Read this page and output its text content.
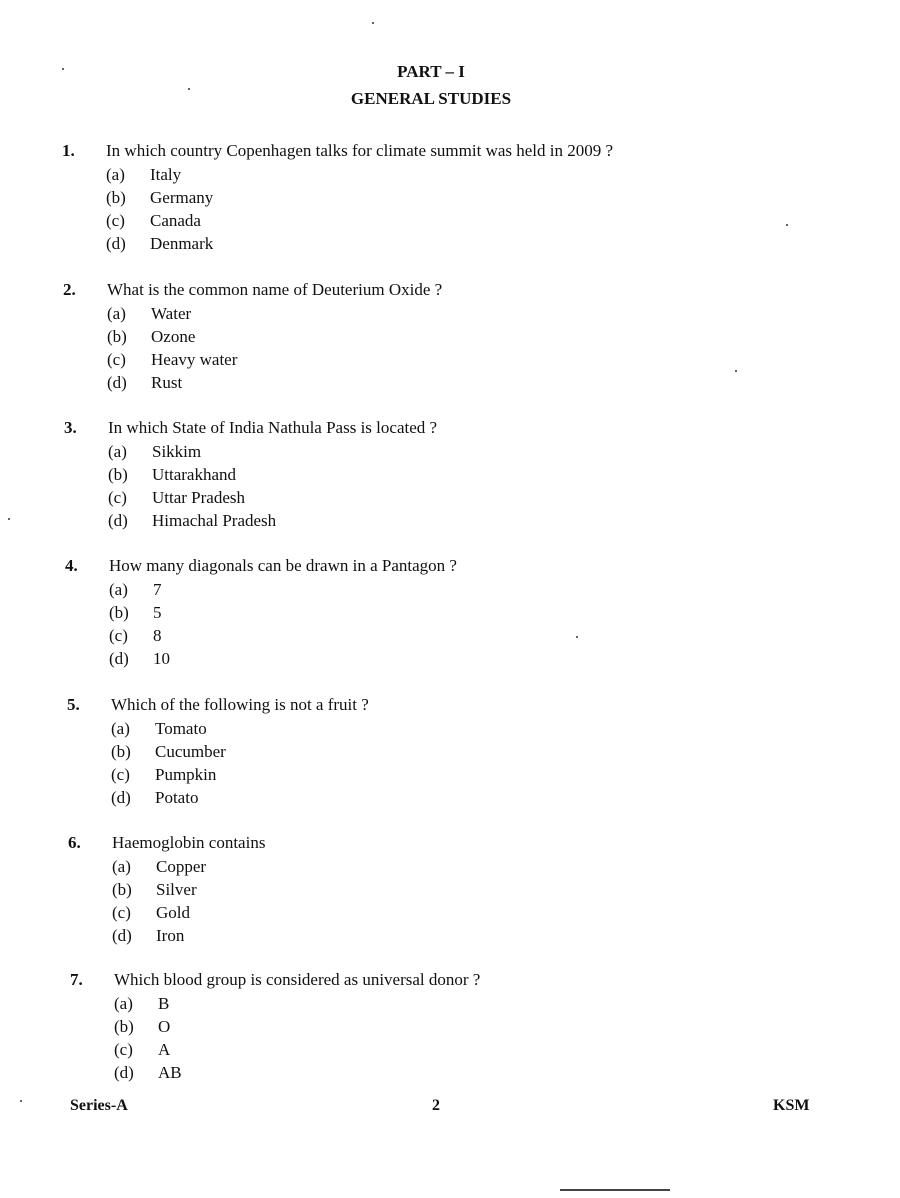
PART – I
GENERAL STUDIES
1. In which country Copenhagen talks for climate summit was held in 2009 ?
(a) Italy
(b) Germany
(c) Canada
(d) Denmark
2. What is the common name of Deuterium Oxide ?
(a) Water
(b) Ozone
(c) Heavy water
(d) Rust
3. In which State of India Nathula Pass is located ?
(a) Sikkim
(b) Uttarakhand
(c) Uttar Pradesh
(d) Himachal Pradesh
4. How many diagonals can be drawn in a Pantagon ?
(a) 7
(b) 5
(c) 8
(d) 10
5. Which of the following is not a fruit ?
(a) Tomato
(b) Cucumber
(c) Pumpkin
(d) Potato
6. Haemoglobin contains
(a) Copper
(b) Silver
(c) Gold
(d) Iron
7. Which blood group is considered as universal donor ?
(a) B
(b) O
(c) A
(d) AB
Series-A	2	KSM
